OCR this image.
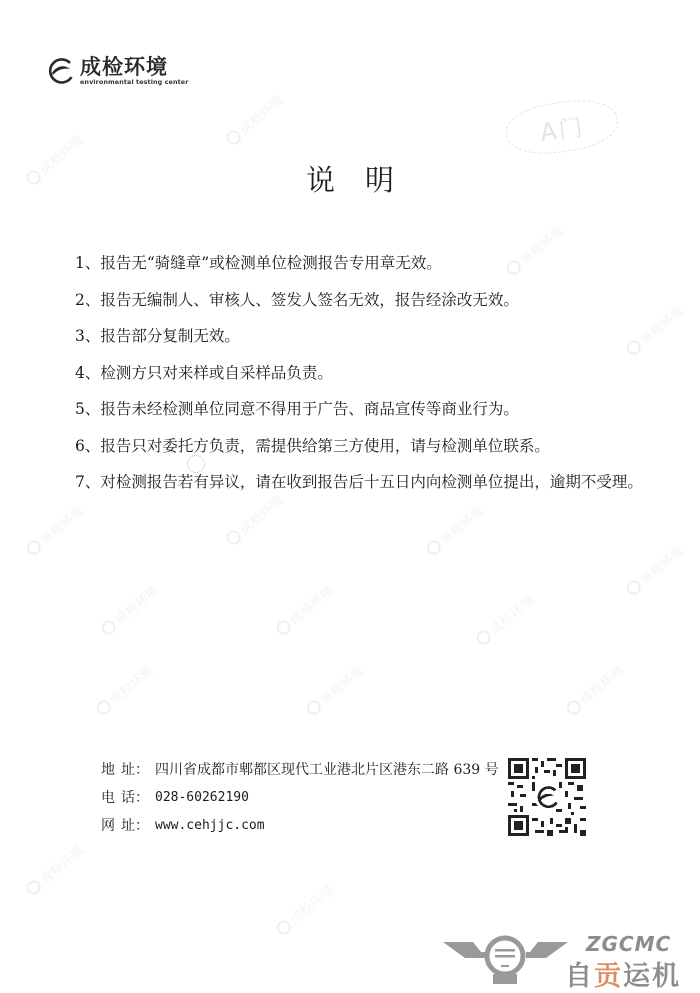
成检环境
成检环境
成检环境
成检环境
成检环境	成检环境
成检环境	成检环境
成检环境
成检环境
成检环境
成检环境	成检环境	成检环境
成检环境
成检环境
成检环境
environmental testing center
A门
说明
1、报告无“骑缝章”或检测单位检测报告专用章无效。
2、报告无编制人、审核人、签发人签名无效，报告经涂改无效。
3、报告部分复制无效。
4、检测方只对来样或自采样品负责。
5、报告未经检测单位同意不得用于广告、商品宣传等商业行为。
6、报告只对委托方负责，需提供给第三方使用，请与检测单位联系。
7、对检测报告若有异议，请在收到报告后十五日内向检测单位提出，逾期不受理。
地 址： 四川省成都市郫都区现代工业港北片区港东二路 639 号
电 话： 028-60262190
网 址： www.cehjjc.com
ZGCMC
自贡运机
